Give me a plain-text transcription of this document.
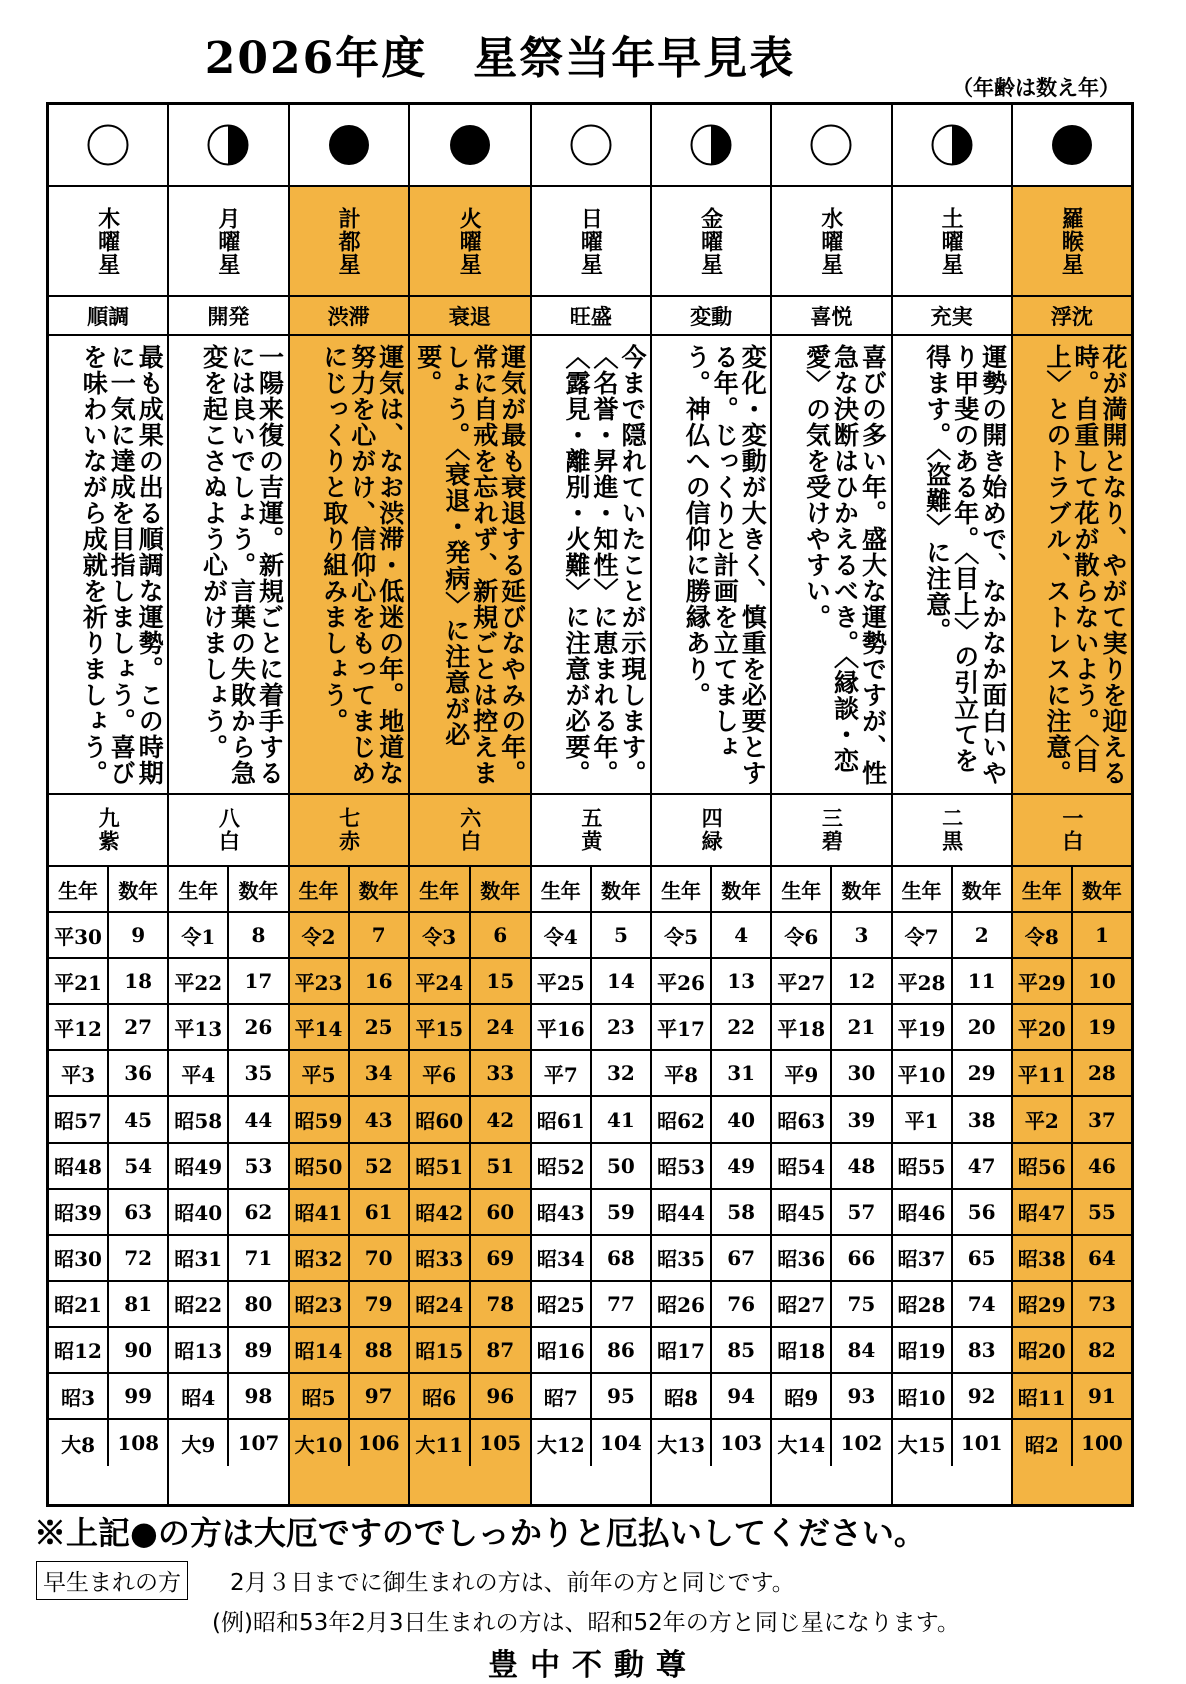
2026年度 星祭当年早見表
（年齢は数え年）
木曜星
順調
最も成果の出る順調な運勢。この時期に一気に達成を目指しましょう。喜びを味わいながら成就を祈りましょう。
九紫
生年	数年
平30	9
平21	18
平12	27
平3	36
昭57	45
昭48	54
昭39	63
昭30	72
昭21	81
昭12	90
昭3	99
大8	108
月曜星
開発
一陽来復の吉運。新規ごとに着手するには良いでしょう。言葉の失敗から急変を起こさぬよう心がけましょう。
八白
生年	数年
令1	8
平22	17
平13	26
平4	35
昭58	44
昭49	53
昭40	62
昭31	71
昭22	80
昭13	89
昭4	98
大9	107
計都星
渋滞
運気は、なお渋滞・低迷の年。地道な努力を心がけ、信仰心をもってまじめにじっくりと取り組みましょう。
七赤
生年	数年
令2	7
平23	16
平14	25
平5	34
昭59	43
昭50	52
昭41	61
昭32	70
昭23	79
昭14	88
昭5	97
大10 106
火曜星
衰退
運気が最も衰退する延びなやみの年。常に自戒を忘れず、新規ごとは控えましょう。〈衰退・発病〉に注意が必要。
六白
生年	数年
令3	6
平24	15
平15	24
平6	33
昭60	42
昭51	51
昭42	60
昭33	69
昭24	78
昭15	87
昭6	96
大11 105
日曜星
旺盛
今まで隠れていたことが示現します。〈名誉・昇進・知性〉に恵まれる年。〈露見・離別・火難〉に注意が必要。
五黄
生年	数年
令4	5
平25	14
平16	23
平7	32
昭61	41
昭52	50
昭43	59
昭34	68
昭25	77
昭16	86
昭7	95
大12 104
金曜星
変動
変化・変動が大きく、慎重を必要とする年。じっくりと計画を立てましょう。神仏への信仰に勝縁あり。
四緑
生年	数年
令5	4
平26	13
平17	22
平8	31
昭62	40
昭53	49
昭44	58
昭35	67
昭26	76
昭17	85
昭8	94
大13 103
水曜星
喜悦
喜びの多い年。盛大な運勢ですが、性急な決断はひかえるべき。〈縁談・恋愛〉の気を受けやすい。
三碧
生年	数年
令6	3
平27	12
平18	21
平9	30
昭63	39
昭54	48
昭45	57
昭36	66
昭27	75
昭18	84
昭9	93
大14 102
土曜星
充実
運勢の開き始めで、なかなか面白いやり甲斐のある年。〈目上〉の引立てを得ます。〈盗難〉に注意。
二黒
生年	数年
令7	2
平28	11
平19	20
平10	29
平1	38
昭55	47
昭46	56
昭37	65
昭28	74
昭19	83
昭10	92
大15 101
羅睺星
浮沈
花が満開となり、やがて実りを迎える時。自重して花が散らないよう。〈目上〉とのトラブル、ストレスに注意。
一白
生年	数年
令8	1
平29	10
平20	19
平11	28
平2	37
昭56	46
昭47	55
昭38	64
昭29	73
昭20	82
昭11	91
昭2	100
※上記●の方は大厄ですのでしっかりと厄払いしてください。
早生まれの方	2月３日までに御生まれの方は、前年の方と同じです。
(例)昭和53年2月3日生まれの方は、昭和52年の方と同じ星になります。
豊中不動尊
